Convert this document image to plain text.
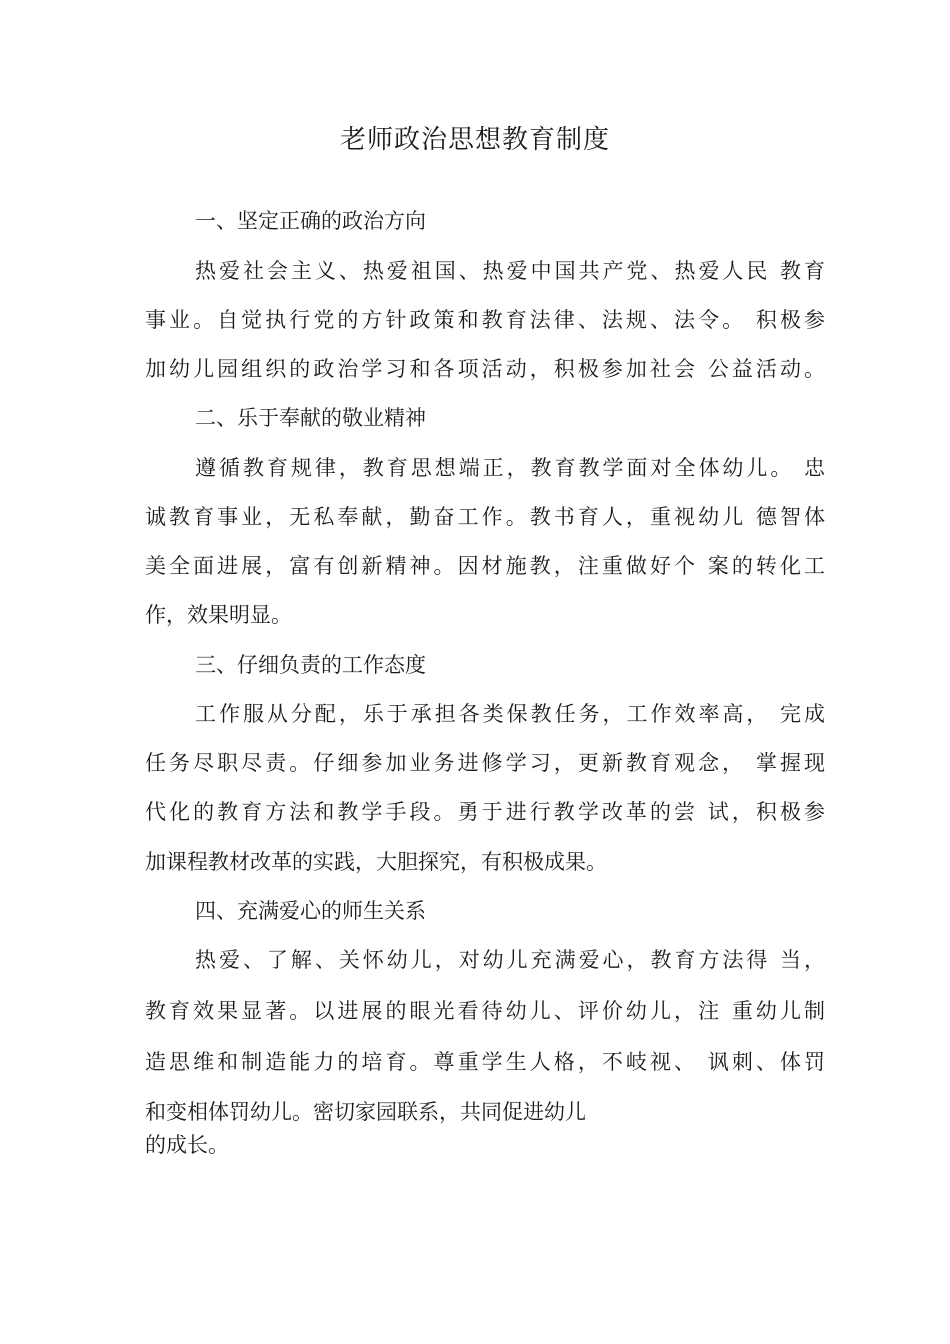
老师政治思想教育制度
一、坚定正确的政治方向
热爱社会主义、热爱祖国、热爱中国共产党、热爱人民 教育
事业。自觉执行党的方针政策和教育法律、法规、法令。 积极参
加幼儿园组织的政治学习和各项活动，积极参加社会 公益活动。
二、乐于奉献的敬业精神
遵循教育规律，教育思想端正，教育教学面对全体幼儿。 忠
诚教育事业，无私奉献，勤奋工作。教书育人，重视幼儿 德智体
美全面进展，富有创新精神。因材施教，注重做好个 案的转化工
作，效果明显。
三、仔细负责的工作态度
工作服从分配，乐于承担各类保教任务，工作效率高， 完成
任务尽职尽责。仔细参加业务进修学习，更新教育观念， 掌握现
代化的教育方法和教学手段。勇于进行教学改革的尝 试，积极参
加课程教材改革的实践，大胆探究，有积极成果。
四、充满爱心的师生关系
热爱、了解、关怀幼儿，对幼儿充满爱心，教育方法得 当，
教育效果显著。以进展的眼光看待幼儿、评价幼儿，注 重幼儿制
造思维和制造能力的培育。尊重学生人格，不岐视、 讽刺、体罚
和变相体罚幼儿。密切家园联系，共同促进幼儿
的成长。
